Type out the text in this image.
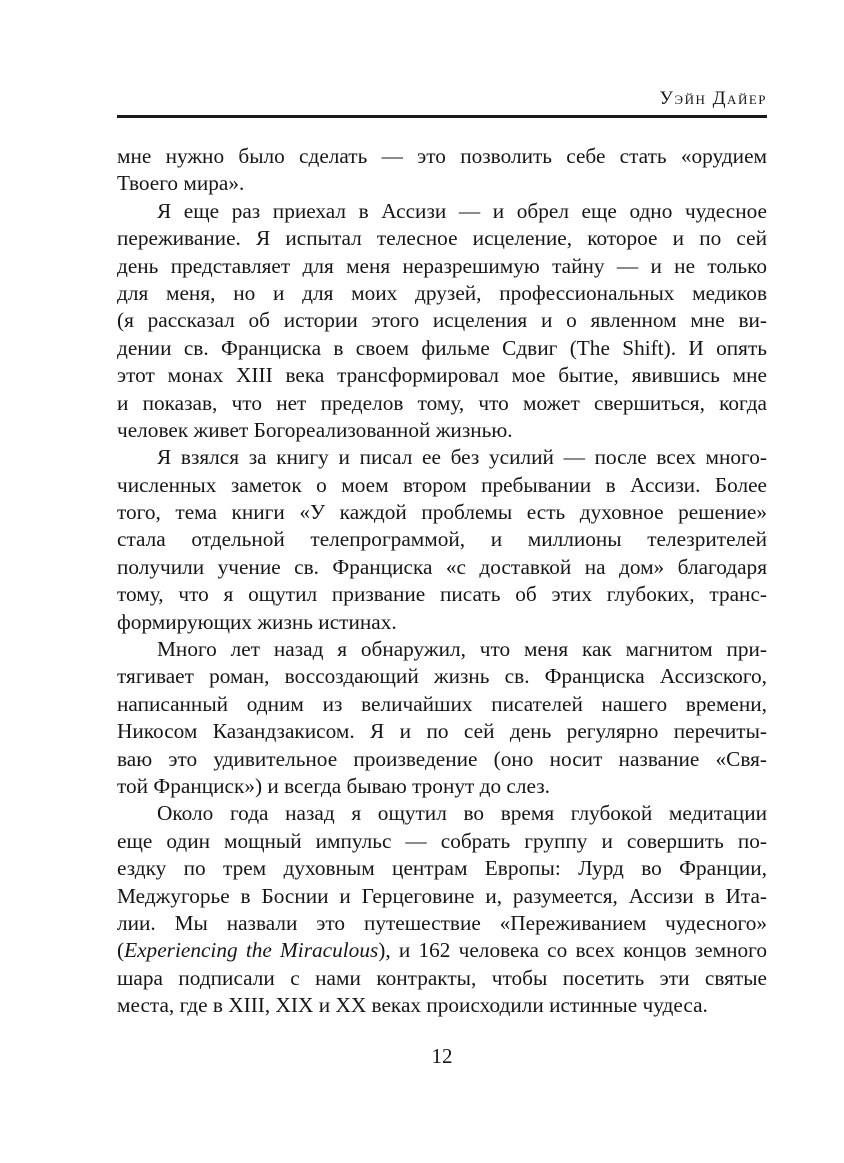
Уэйн Дайер

мне нужно было сделать — это позволить себе стать «орудием
Твоего мира».

Я еще раз приехал в Ассизи — и обрел еще одно чудесное
переживание. Я испытал телесное исцеление, которое и по сей
день представляет для меня неразрешимую тайну — и не только
для меня, но и для моих друзей, профессиональных медиков
(я рассказал об истории этого исцеления и о явленном мне ви-
дении св. Франциска в своем фильме Сдвиг (The Shift). И опять
этот монах XIII века трансформировал мое бытие, явившись мне
и показав, что нет пределов тому, что может свершиться, когда
человек живет Богореализованной жизнью.

Я взялся за книгу и писал ее без усилий — после всех много-
численных заметок о моем втором пребывании в Ассизи. Более
того, тема книги «У каждой проблемы есть духовное решение»
стала отдельной телепрограммой, и миллионы телезрителей
получили учение св. Франциска «с доставкой на дом» благодаря
тому, что я ощутил призвание писать об этих глубоких, транс-
формирующих жизнь истинах.

Много лет назад я обнаружил, что меня как магнитом при-
тягивает роман, воссоздающий жизнь св. Франциска Ассизского,
написанный одним из величайших писателей нашего времени,
Никосом Казандзакисом. Я и по сей день регулярно перечиты-
ваю это удивительное произведение (оно носит название «Свя-
той Франциск») и всегда бываю тронут до слез.

Около года назад я ощутил во время глубокой медитации
еще один мощный импульс — собрать группу и совершить по-
ездку по трем духовным центрам Европы: Лурд во Франции,
Меджугорье в Боснии и Герцеговине и, разумеется, Ассизи в Ита-
лии. Мы назвали это путешествие «Переживанием чудесного»
(Experiencing the Miraculous), и 162 человека со всех концов земного
шара подписали с нами контракты, чтобы посетить эти святые
места, где в XIII, XIX и XX веках происходили истинные чудеса.

12
